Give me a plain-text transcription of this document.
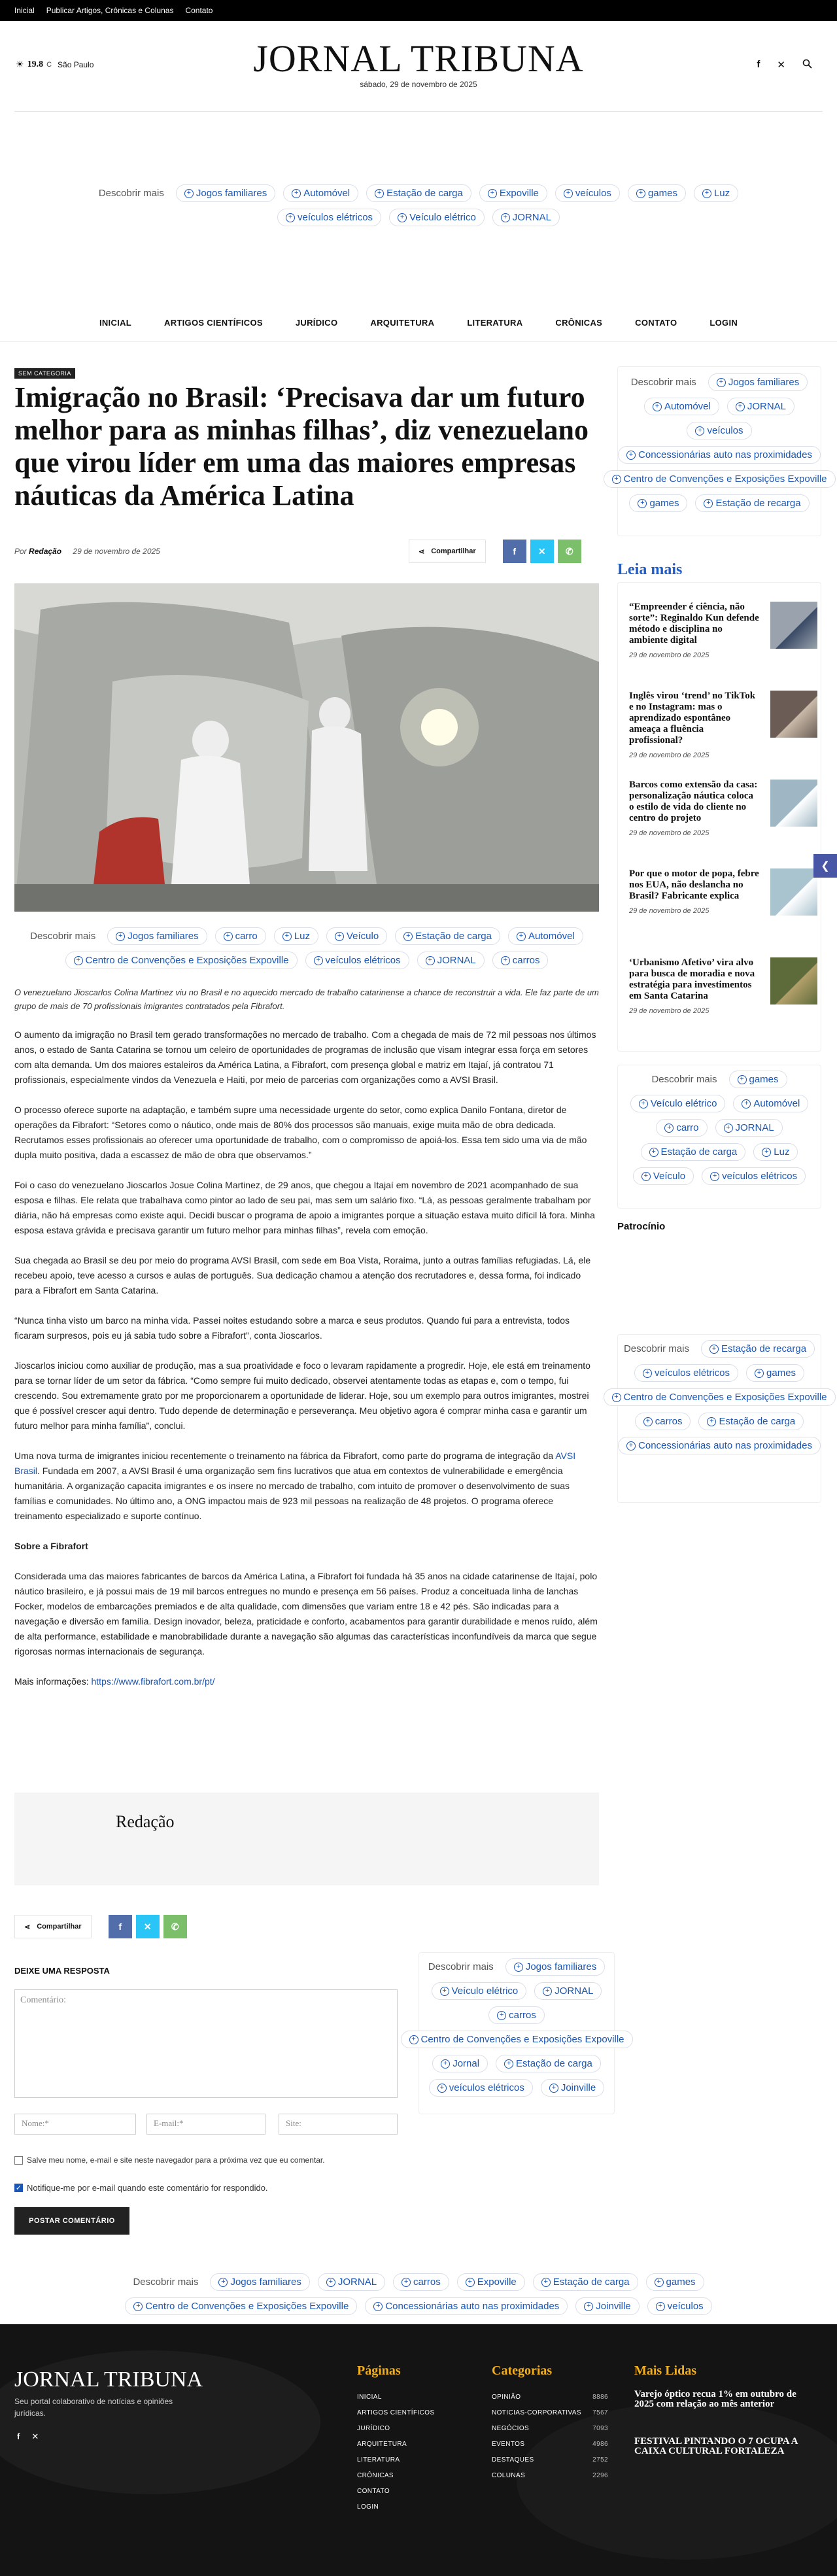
Inicial Publicar Artigos, Crônicas e Colunas Contato
☀ 19.8 C São Paulo	JORNAL TRIBUNA
sábado, 29 de novembro de 2025
f ✕
Descobrir mais	+ Jogos familiares	+ Automóvel	+ Estação de carga	+ Expoville	+ veículos	+ games	+ Luz
+ veículos elétricos	+ Veículo elétrico	+ JORNAL
INICIAL	ARTIGOS CIENTÍFICOS	JURÍDICO	ARQUITETURA	LITERATURA	CRÔNICAS	CONTATO	LOGIN
SEM CATEGORIA
Imigração no Brasil: ‘Precisava dar um futuro melhor para as minhas filhas’, diz venezuelano que virou líder em uma das maiores empresas náuticas da América Latina
Por Redação 29 de novembro de 2025	⋖ Compartilhar	f	✕	✆
Descobrir mais	+ Jogos familiares	+ carro	+ Luz	+ Veículo	+ Estação de carga	+ Automóvel
+ Centro de Convenções e Exposições Expoville	+ veículos elétricos	+ JORNAL	+ carros

O venezuelano Jioscarlos Colina Martinez viu no Brasil e no aquecido mercado de trabalho catarinense a chance de reconstruir a vida. Ele faz parte de um grupo de mais de 70 profissionais imigrantes contratados pela Fibrafort.

O aumento da imigração no Brasil tem gerado transformações no mercado de trabalho. Com a chegada de mais de 72 mil pessoas nos últimos anos, o estado de Santa Catarina se tornou um celeiro de oportunidades de programas de inclusão que visam integrar essa força em setores com alta demanda. Um dos maiores estaleiros da América Latina, a Fibrafort, com presença global e matriz em Itajaí, já contratou 71 profissionais, especialmente vindos da Venezuela e Haiti, por meio de parcerias com organizações como a AVSI Brasil.

O processo oferece suporte na adaptação, e também supre uma necessidade urgente do setor, como explica Danilo Fontana, diretor de operações da Fibrafort: “Setores como o náutico, onde mais de 80% dos processos são manuais, exige muita mão de obra dedicada. Recrutamos esses profissionais ao oferecer uma oportunidade de trabalho, com o compromisso de apoiá-los. Essa tem sido uma via de mão dupla muito positiva, dada a escassez de mão de obra que observamos.”

Foi o caso do venezuelano Jioscarlos Josue Colina Martinez, de 29 anos, que chegou a Itajaí em novembro de 2021 acompanhado de sua esposa e filhas. Ele relata que trabalhava como pintor ao lado de seu pai, mas sem um salário fixo. “Lá, as pessoas geralmente trabalham por diária, não há empresas como existe aqui. Decidi buscar o programa de apoio a imigrantes porque a situação estava muito difícil lá fora. Minha esposa estava grávida e precisava garantir um futuro melhor para minhas filhas”, revela com emoção.

Sua chegada ao Brasil se deu por meio do programa AVSI Brasil, com sede em Boa Vista, Roraima, junto a outras famílias refugiadas. Lá, ele recebeu apoio, teve acesso a cursos e aulas de português. Sua dedicação chamou a atenção dos recrutadores e, dessa forma, foi indicado para a Fibrafort em Santa Catarina.

“Nunca tinha visto um barco na minha vida. Passei noites estudando sobre a marca e seus produtos. Quando fui para a entrevista, todos ficaram surpresos, pois eu já sabia tudo sobre a Fibrafort”, conta Jioscarlos.

Jioscarlos iniciou como auxiliar de produção, mas a sua proatividade e foco o levaram rapidamente a progredir. Hoje, ele está em treinamento para se tornar líder de um setor da fábrica. “Como sempre fui muito dedicado, observei atentamente todas as etapas e, com o tempo, fui crescendo. Sou extremamente grato por me proporcionarem a oportunidade de liderar. Hoje, sou um exemplo para outros imigrantes, mostrei que é possível crescer aqui dentro. Tudo depende de determinação e perseverança. Meu objetivo agora é comprar minha casa e garantir um futuro melhor para minha família”, conclui.

Uma nova turma de imigrantes iniciou recentemente o treinamento na fábrica da Fibrafort, como parte do programa de integração da AVSI Brasil. Fundada em 2007, a AVSI Brasil é uma organização sem fins lucrativos que atua em contextos de vulnerabilidade e emergência humanitária. A organização capacita imigrantes e os insere no mercado de trabalho, com intuito de promover o desenvolvimento de suas famílias e comunidades. No último ano, a ONG impactou mais de 923 mil pessoas na realização de 48 projetos. O programa oferece treinamento especializado e suporte contínuo.

Sobre a Fibrafort

Considerada uma das maiores fabricantes de barcos da América Latina, a Fibrafort foi fundada há 35 anos na cidade catarinense de Itajaí, polo náutico brasileiro, e já possui mais de 19 mil barcos entregues no mundo e presença em 56 países. Produz a conceituada linha de lanchas Focker, modelos de embarcações premiados e de alta qualidade, com dimensões que variam entre 18 e 42 pés. São indicadas para a navegação e diversão em família. Design inovador, beleza, praticidade e conforto, acabamentos para garantir durabilidade e menos ruído, além de alta performance, estabilidade e manobrabilidade durante a navegação são algumas das características inconfundíveis da marca que segue rigorosas normas internacionais de segurança.

Mais informações: https://www.fibrafort.com.br/pt/

Redação
⋖ Compartilhar	f	✕	✆
Descobrir mais	+ Jogos familiares
+ Automóvel	+ JORNAL
+ veículos
+ Concessionárias auto nas proximidades
+ Centro de Convenções e Exposições Expoville
+ games	+ Estação de recarga
Leia mais
“Empreender é ciência, não sorte”: Reginaldo Kun defende método e disciplina no ambiente digital
29 de novembro de 2025
Inglês virou ‘trend’ no TikTok e no Instagram: mas o aprendizado espontâneo ameaça a fluência profissional?
29 de novembro de 2025
Barcos como extensão da casa: personalização náutica coloca o estilo de vida do cliente no centro do projeto
29 de novembro de 2025
Por que o motor de popa, febre nos EUA, não deslancha no Brasil? Fabricante explica
29 de novembro de 2025
‘Urbanismo Afetivo’ vira alvo para busca de moradia e nova estratégia para investimentos em Santa Catarina
29 de novembro de 2025
Descobrir mais	+ games
+ Veículo elétrico	+ Automóvel
+ carro	+ JORNAL
+ Estação de carga	+ Luz
+ Veículo	+ veículos elétricos
Patrocínio
Descobrir mais	+ Estação de recarga
+ veículos elétricos	+ games
+ Centro de Convenções e Exposições Expoville
+ carros	+ Estação de carga
+ Concessionárias auto nas proximidades
Descobrir mais	+ Jogos familiares
+ Veículo elétrico	+ JORNAL
+ carros
+ Centro de Convenções e Exposições Expoville
+ Jornal	+ Estação de carga
+ veículos elétricos	+ Joinville
DEIXE UMA RESPOSTA
Comentário:
Nome:*	E-mail:*	Site:
Salve meu nome, e-mail e site neste navegador para a próxima vez que eu comentar.
✓ Notifique-me por e-mail quando este comentário for respondido.
POSTAR COMENTÁRIO
Descobrir mais	+ Jogos familiares	+ JORNAL	+ carros	+ Expoville	+ Estação de carga	+ games
+ Centro de Convenções e Exposições Expoville	+ Concessionárias auto nas proximidades	+ Joinville	+ veículos
JORNAL TRIBUNA
Seu portal colaborativo de notícias e opiniões jurídicas.
f ✕
Páginas
INICIAL
ARTIGOS CIENTÍFICOS
JURÍDICO
ARQUITETURA
LITERATURA
CRÔNICAS
CONTATO
LOGIN
Categorias
OPINIÃO	8886
NOTICIAS-CORPORATIVAS 7567
NEGÓCIOS	7093
EVENTOS	4986
DESTAQUES	2752
COLUNAS	2296
Mais Lidas
Varejo óptico recua 1% em outubro de 2025 com relação ao mês anterior
FESTIVAL PINTANDO O 7 OCUPA A CAIXA CULTURAL FORTALEZA
❮
